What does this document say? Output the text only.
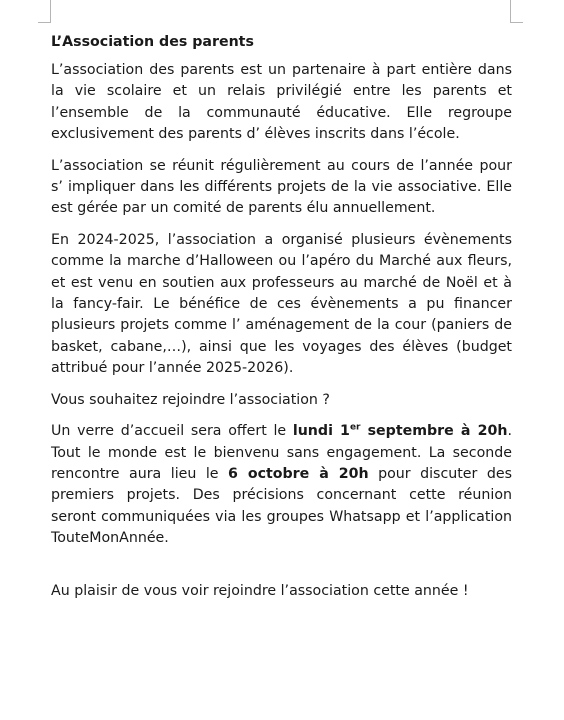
L’Association des parents

L’association des parents est un partenaire à part entière dans la vie scolaire et un relais privilégié entre les parents et l’ensemble de la communauté éducative. Elle regroupe exclusivement des parents d’ élèves inscrits dans l’école.

L’association se réunit régulièrement au cours de l’année pour s’ impliquer dans les différents projets de la vie associative. Elle est gérée par un comité de parents élu annuellement.

En 2024-2025, l’association a organisé plusieurs évènements comme la marche d’Halloween ou l’apéro du Marché aux fleurs, et est venu en soutien aux professeurs au marché de Noël et à la fancy-fair. Le bénéfice de ces évènements a pu financer plusieurs projets comme l’ aménagement de la cour (paniers de basket, cabane,…), ainsi que les voyages des élèves (budget attribué pour l’année 2025-2026).

Vous souhaitez rejoindre l’association ?

Un verre d’accueil sera offert le lundi 1er septembre à 20h. Tout le monde est le bienvenu sans engagement. La seconde rencontre aura lieu le 6 octobre à 20h pour discuter des premiers projets. Des précisions concernant cette réunion seront communiquées via les groupes Whatsapp et l’application TouteMonAnnée.

Au plaisir de vous voir rejoindre l’association cette année !
